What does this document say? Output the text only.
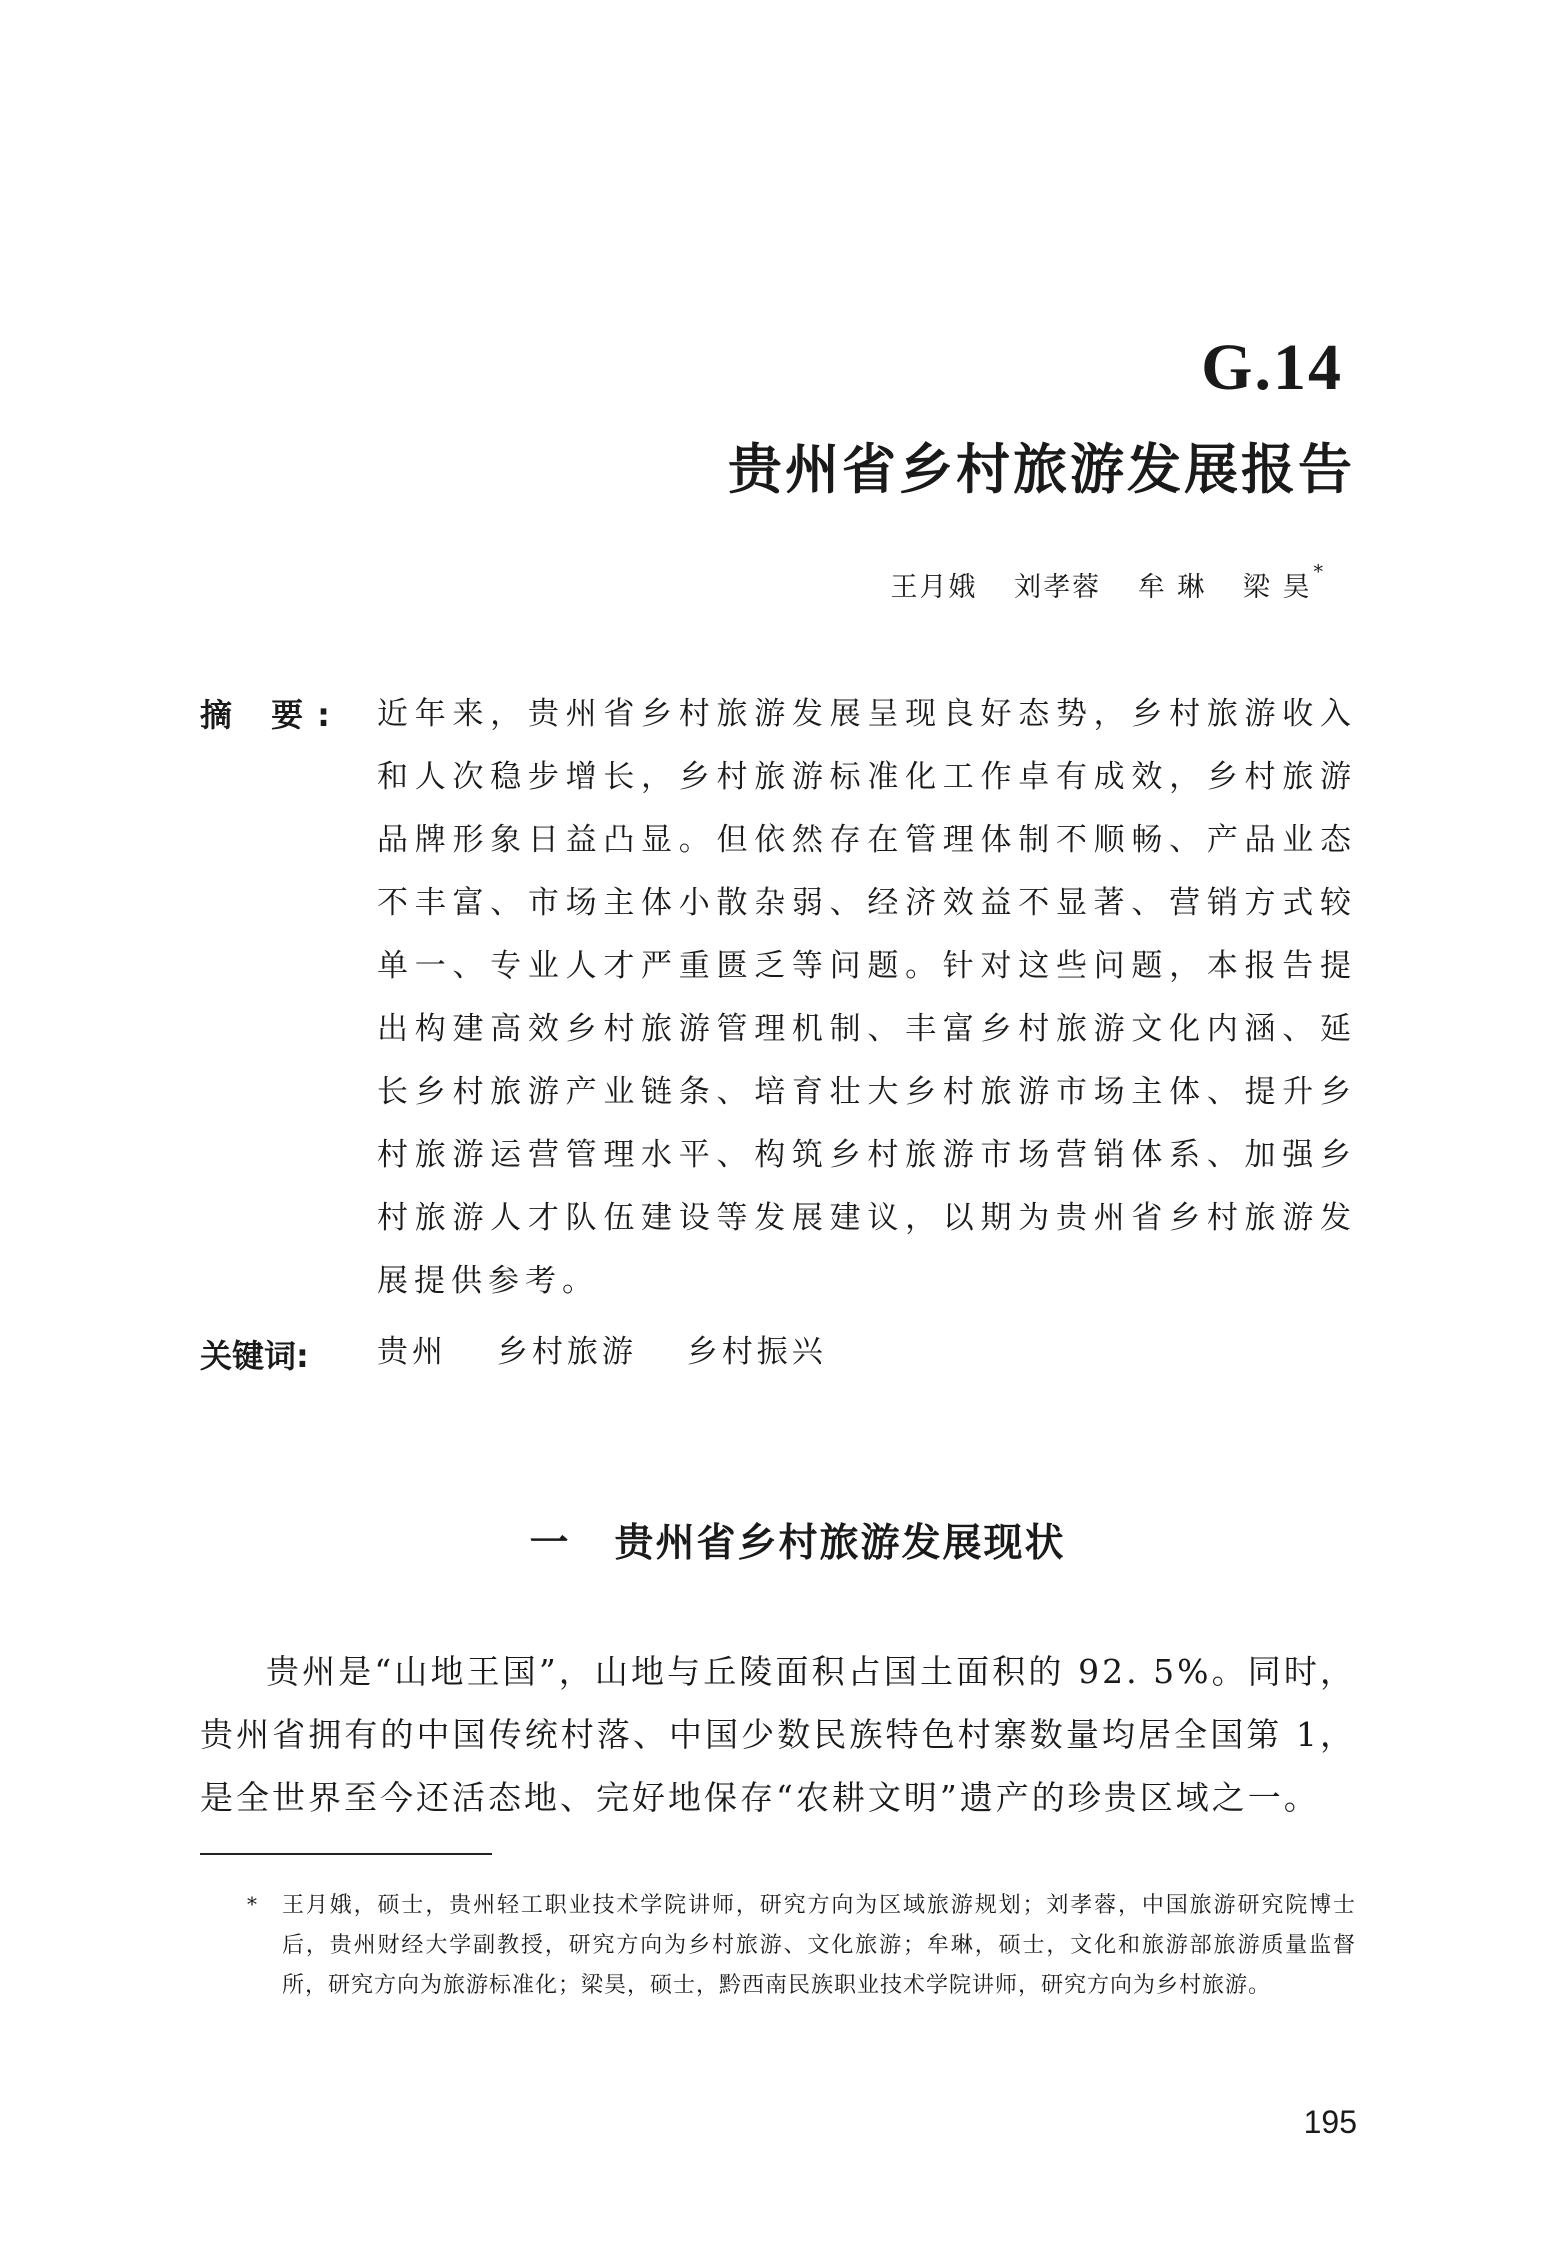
G.14
贵州省乡村旅游发展报告
王月娥 刘孝蓉 牟 琳 梁 昊 *
摘 要: 近年来，贵州省乡村旅游发展呈现良好态势，乡村旅游收入和人次稳步增长，乡村旅游标准化工作卓有成效，乡村旅游品牌形象日益凸显。但依然存在管理体制不顺畅、产品业态不丰富、市场主体小散杂弱、经济效益不显著、营销方式较单一、专业人才严重匮乏等问题。针对这些问题，本报告提出构建高效乡村旅游管理机制、丰富乡村旅游文化内涵、延长乡村旅游产业链条、培育壮大乡村旅游市场主体、提升乡村旅游运营管理水平、构筑乡村旅游市场营销体系、加强乡村旅游人才队伍建设等发展建议，以期为贵州省乡村旅游发展提供参考。
关键词: 贵州 乡村旅游 乡村振兴
一 贵州省乡村旅游发展现状
贵州是“山地王国”，山地与丘陵面积占国土面积的 92. 5%。同时，贵州省拥有的中国传统村落、中国少数民族特色村寨数量均居全国第 1，是全世界至今还活态地、完好地保存“农耕文明”遗产的珍贵区域之一。
* 王月娥，硕士，贵州轻工职业技术学院讲师，研究方向为区域旅游规划；刘孝蓉，中国旅游研究院博士后，贵州财经大学副教授，研究方向为乡村旅游、文化旅游；牟琳，硕士，文化和旅游部旅游质量监督所，研究方向为旅游标准化；梁昊，硕士，黔西南民族职业技术学院讲师，研究方向为乡村旅游。
195
